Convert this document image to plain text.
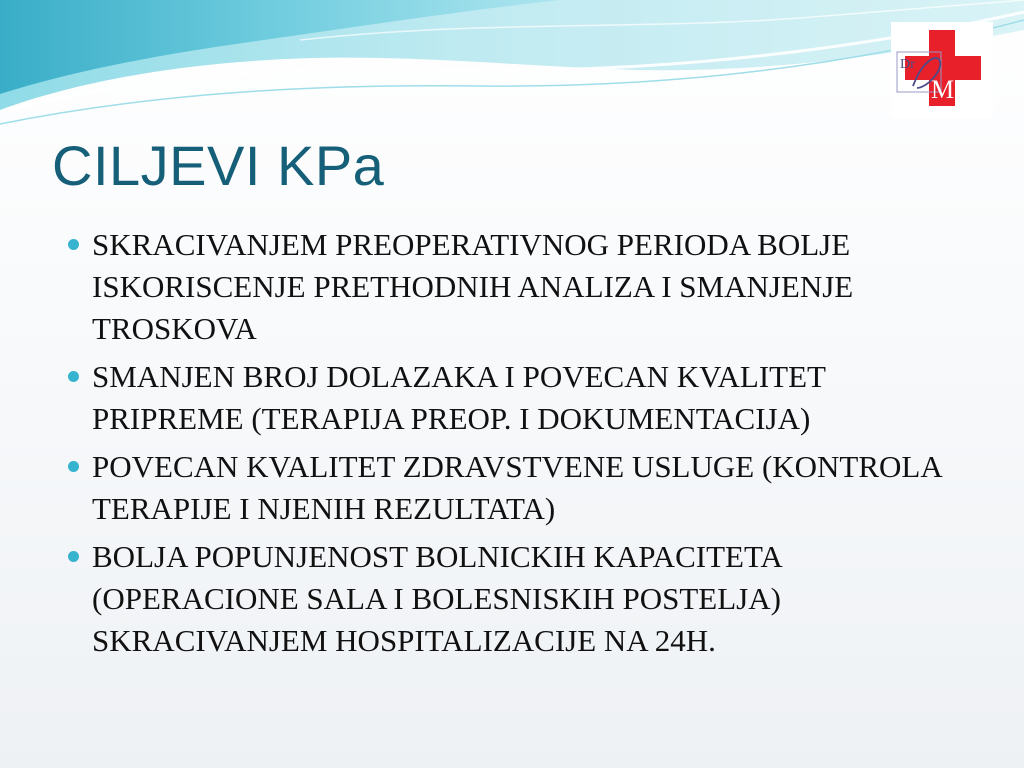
Dr
M
CILJEVI KPa
SKRACIVANJEM PREOPERATIVNOG PERIODA BOLJE ISKORISCENJE PRETHODNIH ANALIZA I SMANJENJE TROSKOVA
SMANJEN BROJ DOLAZAKA I POVECAN KVALITET PRIPREME (TERAPIJA PREOP. I DOKUMENTACIJA)
POVECAN KVALITET ZDRAVSTVENE USLUGE (KONTROLA TERAPIJE I NJENIH REZULTATA)
BOLJA POPUNJENOST BOLNICKIH KAPACITETA (OPERACIONE SALA I BOLESNISKIH POSTELJA) SKRACIVANJEM HOSPITALIZACIJE NA 24H.
